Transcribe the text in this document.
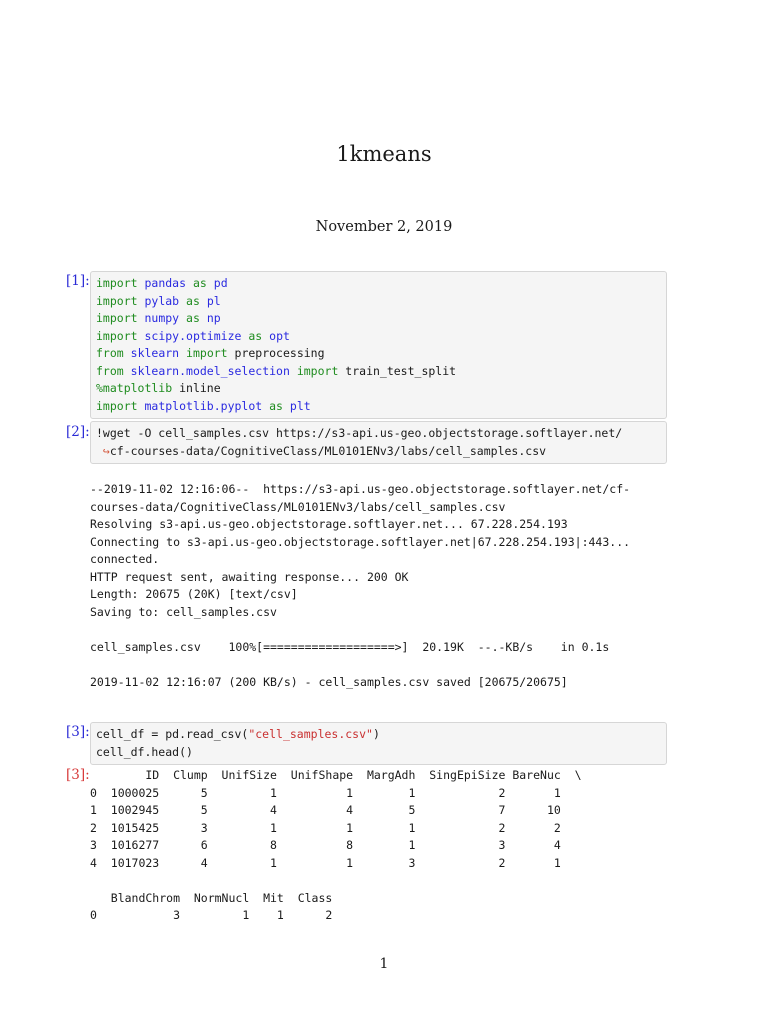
1kmeans
November 2, 2019
[1]: import pandas as pd
import pylab as pl
import numpy as np
import scipy.optimize as opt
from sklearn import preprocessing
from sklearn.model_selection import train_test_split
%matplotlib inline
import matplotlib.pyplot as plt
[2]: !wget -O cell_samples.csv https://s3-api.us-geo.objectstorage.softlayer.net/
↪cf-courses-data/CognitiveClass/ML0101ENv3/labs/cell_samples.csv
--2019-11-02 12:16:06--  https://s3-api.us-geo.objectstorage.softlayer.net/cf-
courses-data/CognitiveClass/ML0101ENv3/labs/cell_samples.csv
Resolving s3-api.us-geo.objectstorage.softlayer.net... 67.228.254.193
Connecting to s3-api.us-geo.objectstorage.softlayer.net|67.228.254.193|:443...
connected.
HTTP request sent, awaiting response... 200 OK
Length: 20675 (20K) [text/csv]
Saving to: cell_samples.csv

cell_samples.csv    100%[===================>]  20.19K  --.-KB/s    in 0.1s

2019-11-02 12:16:07 (200 KB/s) - cell_samples.csv saved [20675/20675]
[3]: cell_df = pd.read_csv("cell_samples.csv")
cell_df.head()
[3]: ID  Clump  UnifSize  UnifShape  MargAdh  SingEpiSize BareNuc  \
0  1000025      5         1          1        1            2       1
1  1002945      5         4          4        5            7      10
2  1015425      3         1          1        1            2       2
3  1016277      6         8          8        1            3       4
4  1017023      4         1          1        3            2       1

BlandChrom  NormNucl  Mit  Class
0           3         1    1      2
1
